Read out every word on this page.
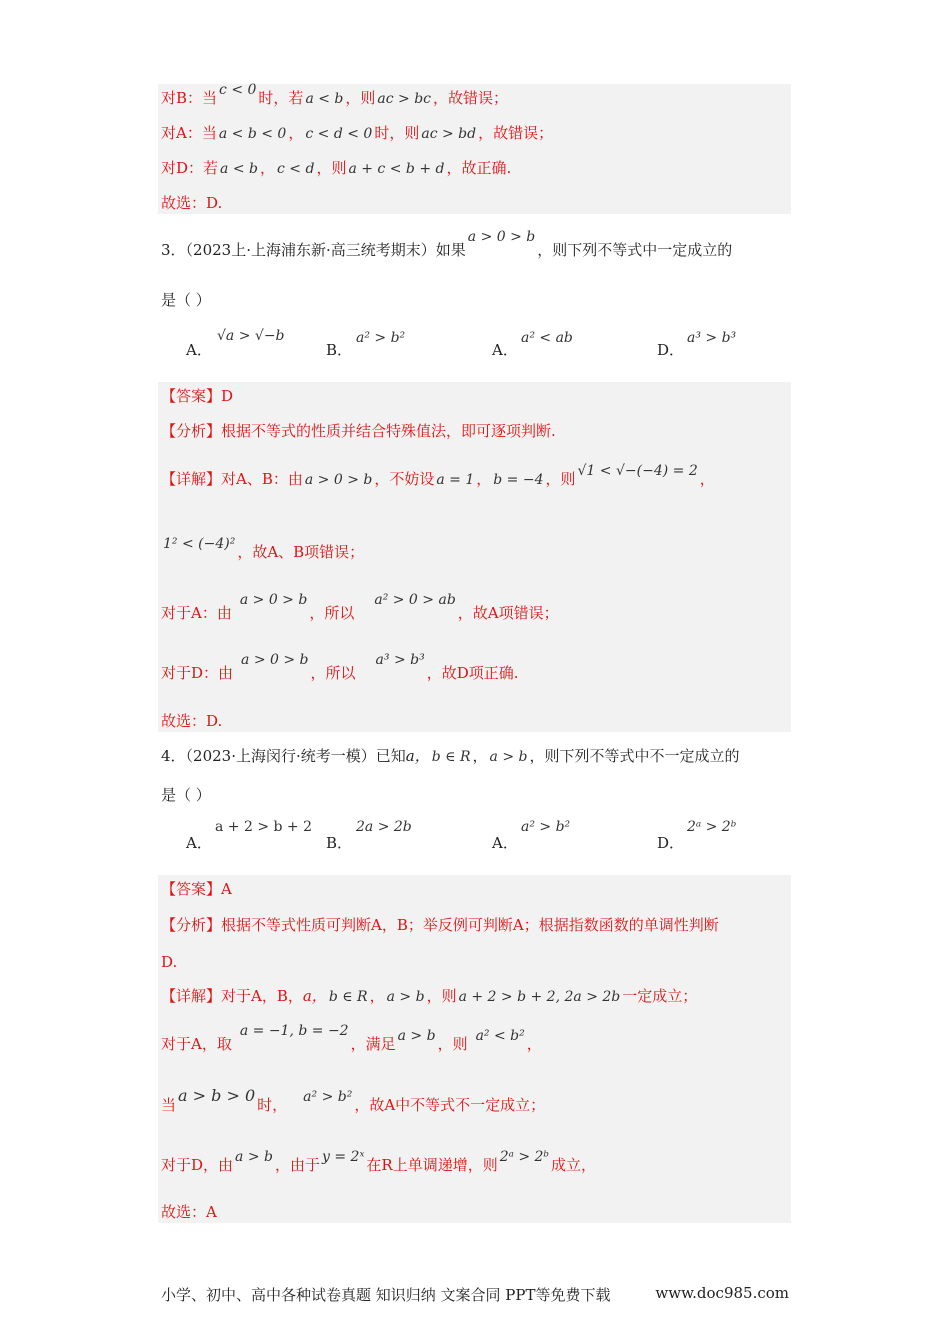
对B：当 c < 0 时，若 a < b ，则 ac > bc ，故错误；
对A：当 a < b < 0 ， c < d < 0 时，则 ac > bd ，故错误；
对D：若 a < b ， c < d ，则 a + c < b + d ，故正确.
故选：D.
3．（2023上·上海浦东新·高三统考期末）如果a > 0 > b，则下列不等式中一定成立的
是（ ）
A．
√a > √−b
B．
a² > b²
A．
a² < ab
D．
a³ > b³
【答案】D
【分析】根据不等式的性质并结合特殊值法，即可逐项判断.
【详解】对A、B：由 a > 0 > b ，不妨设 a = 1 ， b = −4 ，则 √1 < √−(−4) = 2 ，
1² < (−4)² ，故A、B项错误；
对于A：由a > 0 > b，所以a² > 0 > ab，故A项错误；
对于D：由a > 0 > b，所以a³ > b³，故D项正确.
故选：D.
4．（2023·上海闵行·统考一模）已知a， b ∈ R ， a > b ，则下列不等式中不一定成立的
是（ ）
A．
a + 2 > b + 2
B．
2a > 2b
A．
a² > b²
D．
2ᵃ > 2ᵇ
【答案】A
【分析】根据不等式性质可判断A，B；举反例可判断A；根据指数函数的单调性判断
D.
【详解】对于A，B，a， b ∈ R ， a > b ，则 a + 2 > b + 2, 2a > 2b 一定成立；
对于A，取a = −1, b = −2，满足 a > b ，则 a² < b² ，
当 a > b > 0 时， a² > b² ，故A中不等式不一定成立；
对于D，由 a > b ，由于 y = 2ˣ 在R上单调递增，则 2ᵃ > 2ᵇ 成立，
故选：A
小学、初中、高中各种试卷真题 知识归纳 文案合同 PPT等免费下载	www.doc985.com
